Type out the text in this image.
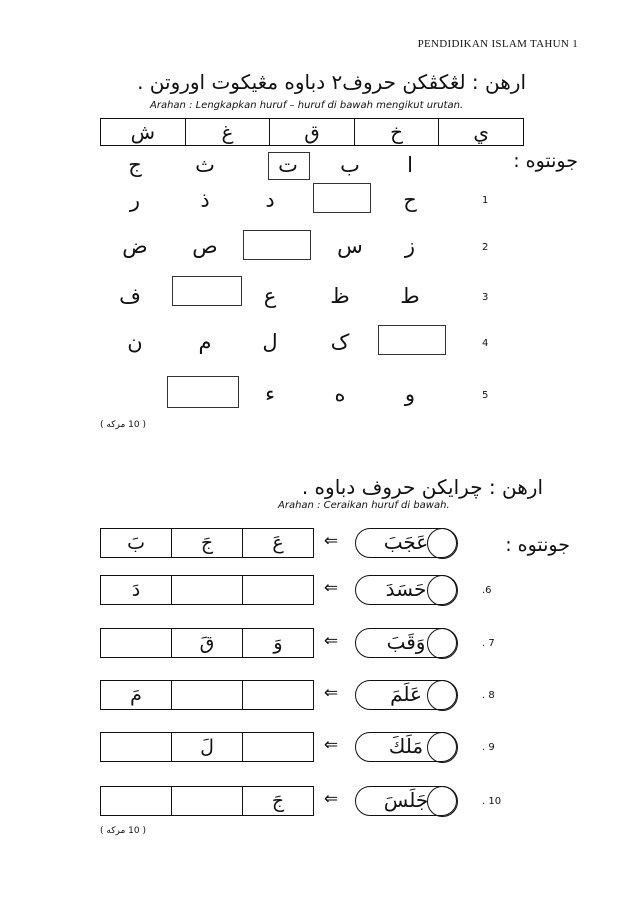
PENDIDIKAN ISLAM TAHUN 1
ارهن : لڠکڤکن حروف٢ دباوه مڠيکوت اوروتن .
Arahan : Lengkapkan huruf – huruf di bawah mengikut urutan.
ي
خ
ق
غ
ش
جونتوه :
ا
ب
ت
ث
ج
1
ح
د
ذ
ر
2
ز
س
ص
ض
3
ط
ظ
ع
ف
4
ک
ل
م
ن
5
و
ه
ء
( 10 مرکه )
ارهن : چرايکن حروف دباوه .
Arahan : Ceraikan huruf di bawah.
جونتوه :
عَجَبَ
⇐
عَ
جَ
بَ
.6
حَسَدَ
⇐
دَ
. 7
وَقَبَ
⇐
وَ
قَ
. 8
عَلَمَ
⇐
مَ
. 9
مَلَكَ
⇐
لَ
. 10
جَلَسَ
⇐
جَ
( 10 مرکه )
